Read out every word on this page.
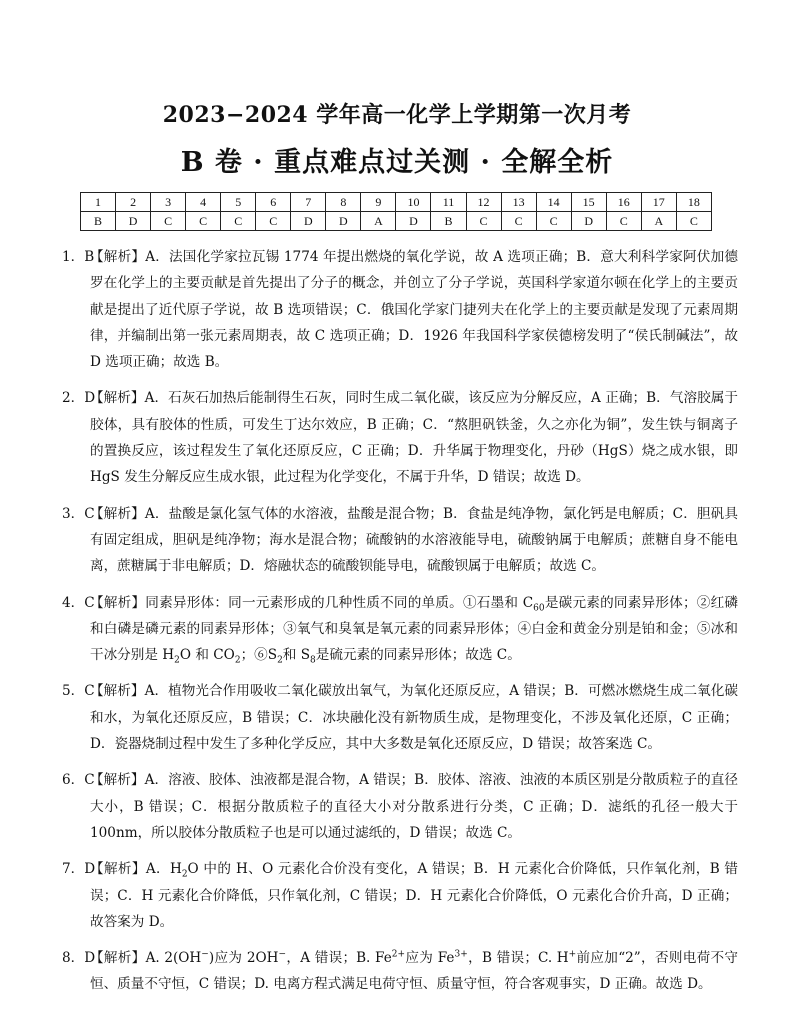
2023−2024 学年高一化学上学期第一次月考
B 卷 · 重点难点过关测 · 全解全析
1	2	3	4	5	6	7	8	9	10	11	12	13	14	15	16	17	18
B	D	C	C	C	C	D	D	A	D	B	C	C	C	D	C	A	C
1．B
【解析】A．法国化学家拉瓦锡 1774 年提出燃烧的氧化学说，故 A 选项正确；B．意大利科学家阿伏加德罗在化学上的主要贡献是首先提出了分子的概念，并创立了分子学说，英国科学家道尔顿在化学上的主要贡献是提出了近代原子学说，故 B 选项错误；C．俄国化学家门捷列夫在化学上的主要贡献是发现了元素周期律，并编制出第一张元素周期表，故 C 选项正确；D．1926 年我国科学家侯德榜发明了“侯氏制碱法”，故 D 选项正确；故选 B。
2．D
【解析】A．石灰石加热后能制得生石灰，同时生成二氧化碳，该反应为分解反应，A 正确；B．气溶胶属于胶体，具有胶体的性质，可发生丁达尔效应，B 正确；C．“熬胆矾铁釜，久之亦化为铜”，发生铁与铜离子的置换反应，该过程发生了氧化还原反应，C 正确；D．升华属于物理变化，丹砂（HgS）烧之成水银，即 HgS 发生分解反应生成水银，此过程为化学变化，不属于升华，D 错误；故选 D。
3．C
【解析】A．盐酸是氯化氢气体的水溶液，盐酸是混合物；B．食盐是纯净物，氯化钙是电解质；C．胆矾具有固定组成，胆矾是纯净物；海水是混合物；硫酸钠的水溶液能导电，硫酸钠属于电解质；蔗糖自身不能电离，蔗糖属于非电解质；D．熔融状态的硫酸钡能导电，硫酸钡属于电解质；故选 C。
4．C
【解析】同素异形体：同一元素形成的几种性质不同的单质。①石墨和 $C_{60}$是碳元素的同素异形体；②红磷和白磷是磷元素的同素异形体；③氧气和臭氧是氧元素的同素异形体；④白金和黄金分别是铂和金；⑤冰和干冰分别是 $H_2O$ 和 $CO_2$；$⑥S_2$和 $S_8$是硫元素的同素异形体；故选 C。
5．C
【解析】A．植物光合作用吸收二氧化碳放出氧气，为氧化还原反应，A 错误；B．可燃冰燃烧生成二氧化碳和水，为氧化还原反应，B 错误；C．冰块融化没有新物质生成，是物理变化，不涉及氧化还原，C 正确；D．瓷器烧制过程中发生了多种化学反应，其中大多数是氧化还原反应，D 错误；故答案选 C。
6．C
【解析】A．溶液、胶体、浊液都是混合物，A 错误；B．胶体、溶液、浊液的本质区别是分散质粒子的直径大小，B 错误；C．根据分散质粒子的直径大小对分散系进行分类，C 正确；D．滤纸的孔径一般大于 100nm，所以胶体分散质粒子也是可以通过滤纸的，D 错误；故选 C。
7．D
【解析】A．$H_2O$ 中的 H、O 元素化合价没有变化，A 错误；B．H 元素化合价降低，只作氧化剂，B 错误；C．H 元素化合价降低，只作氧化剂，C 错误；D．H 元素化合价降低，O 元素化合价升高，D 正确；故答案为 D。
8．D
【解析】A. 2(OH−)应为 2OH−，A 错误；B. $Fe^{2+}$应为 $Fe^{3+}$，B 错误；C. H+前应加“2”，否则电荷不守恒、质量不守恒，C 错误；D. 电离方程式满足电荷守恒、质量守恒，符合客观事实，D 正确。故选 D。
